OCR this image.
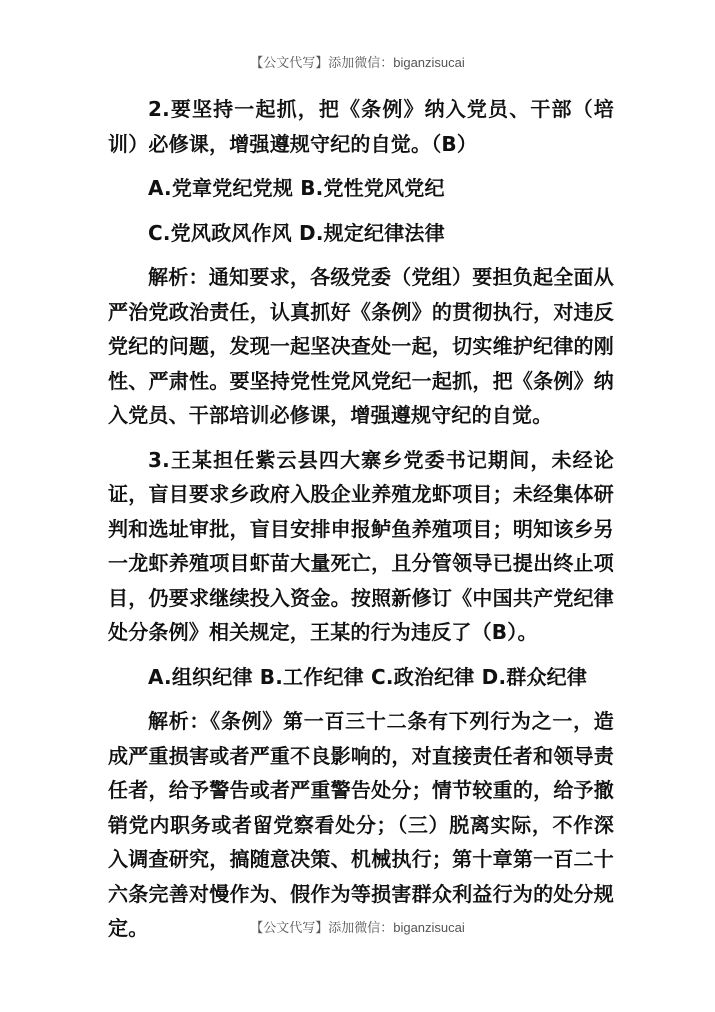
【公文代写】添加微信：biganzisucai

2.要坚持一起抓，把《条例》纳入党员、干部（培训）必修课，增强遵规守纪的自觉。（B）

A.党章党纪党规 B.党性党风党纪

C.党风政风作风 D.规定纪律法律

解析：通知要求，各级党委（党组）要担负起全面从严治党政治责任，认真抓好《条例》的贯彻执行，对违反党纪的问题，发现一起坚决查处一起，切实维护纪律的刚性、严肃性。要坚持党性党风党纪一起抓，把《条例》纳入党员、干部培训必修课，增强遵规守纪的自觉。

3.王某担任紫云县四大寨乡党委书记期间，未经论证，盲目要求乡政府入股企业养殖龙虾项目；未经集体研判和选址审批，盲目安排申报鲈鱼养殖项目；明知该乡另一龙虾养殖项目虾苗大量死亡，且分管领导已提出终止项目，仍要求继续投入资金。按照新修订《中国共产党纪律处分条例》相关规定，王某的行为违反了（B）。

A.组织纪律 B.工作纪律 C.政治纪律 D.群众纪律

解析：《条例》第一百三十二条有下列行为之一，造成严重损害或者严重不良影响的，对直接责任者和领导责任者，给予警告或者严重警告处分；情节较重的，给予撤销党内职务或者留党察看处分；（三）脱离实际，不作深入调查研究，搞随意决策、机械执行；第十章第一百二十六条完善对慢作为、假作为等损害群众利益行为的处分规定。	【公文代写】添加微信：biganzisucai
